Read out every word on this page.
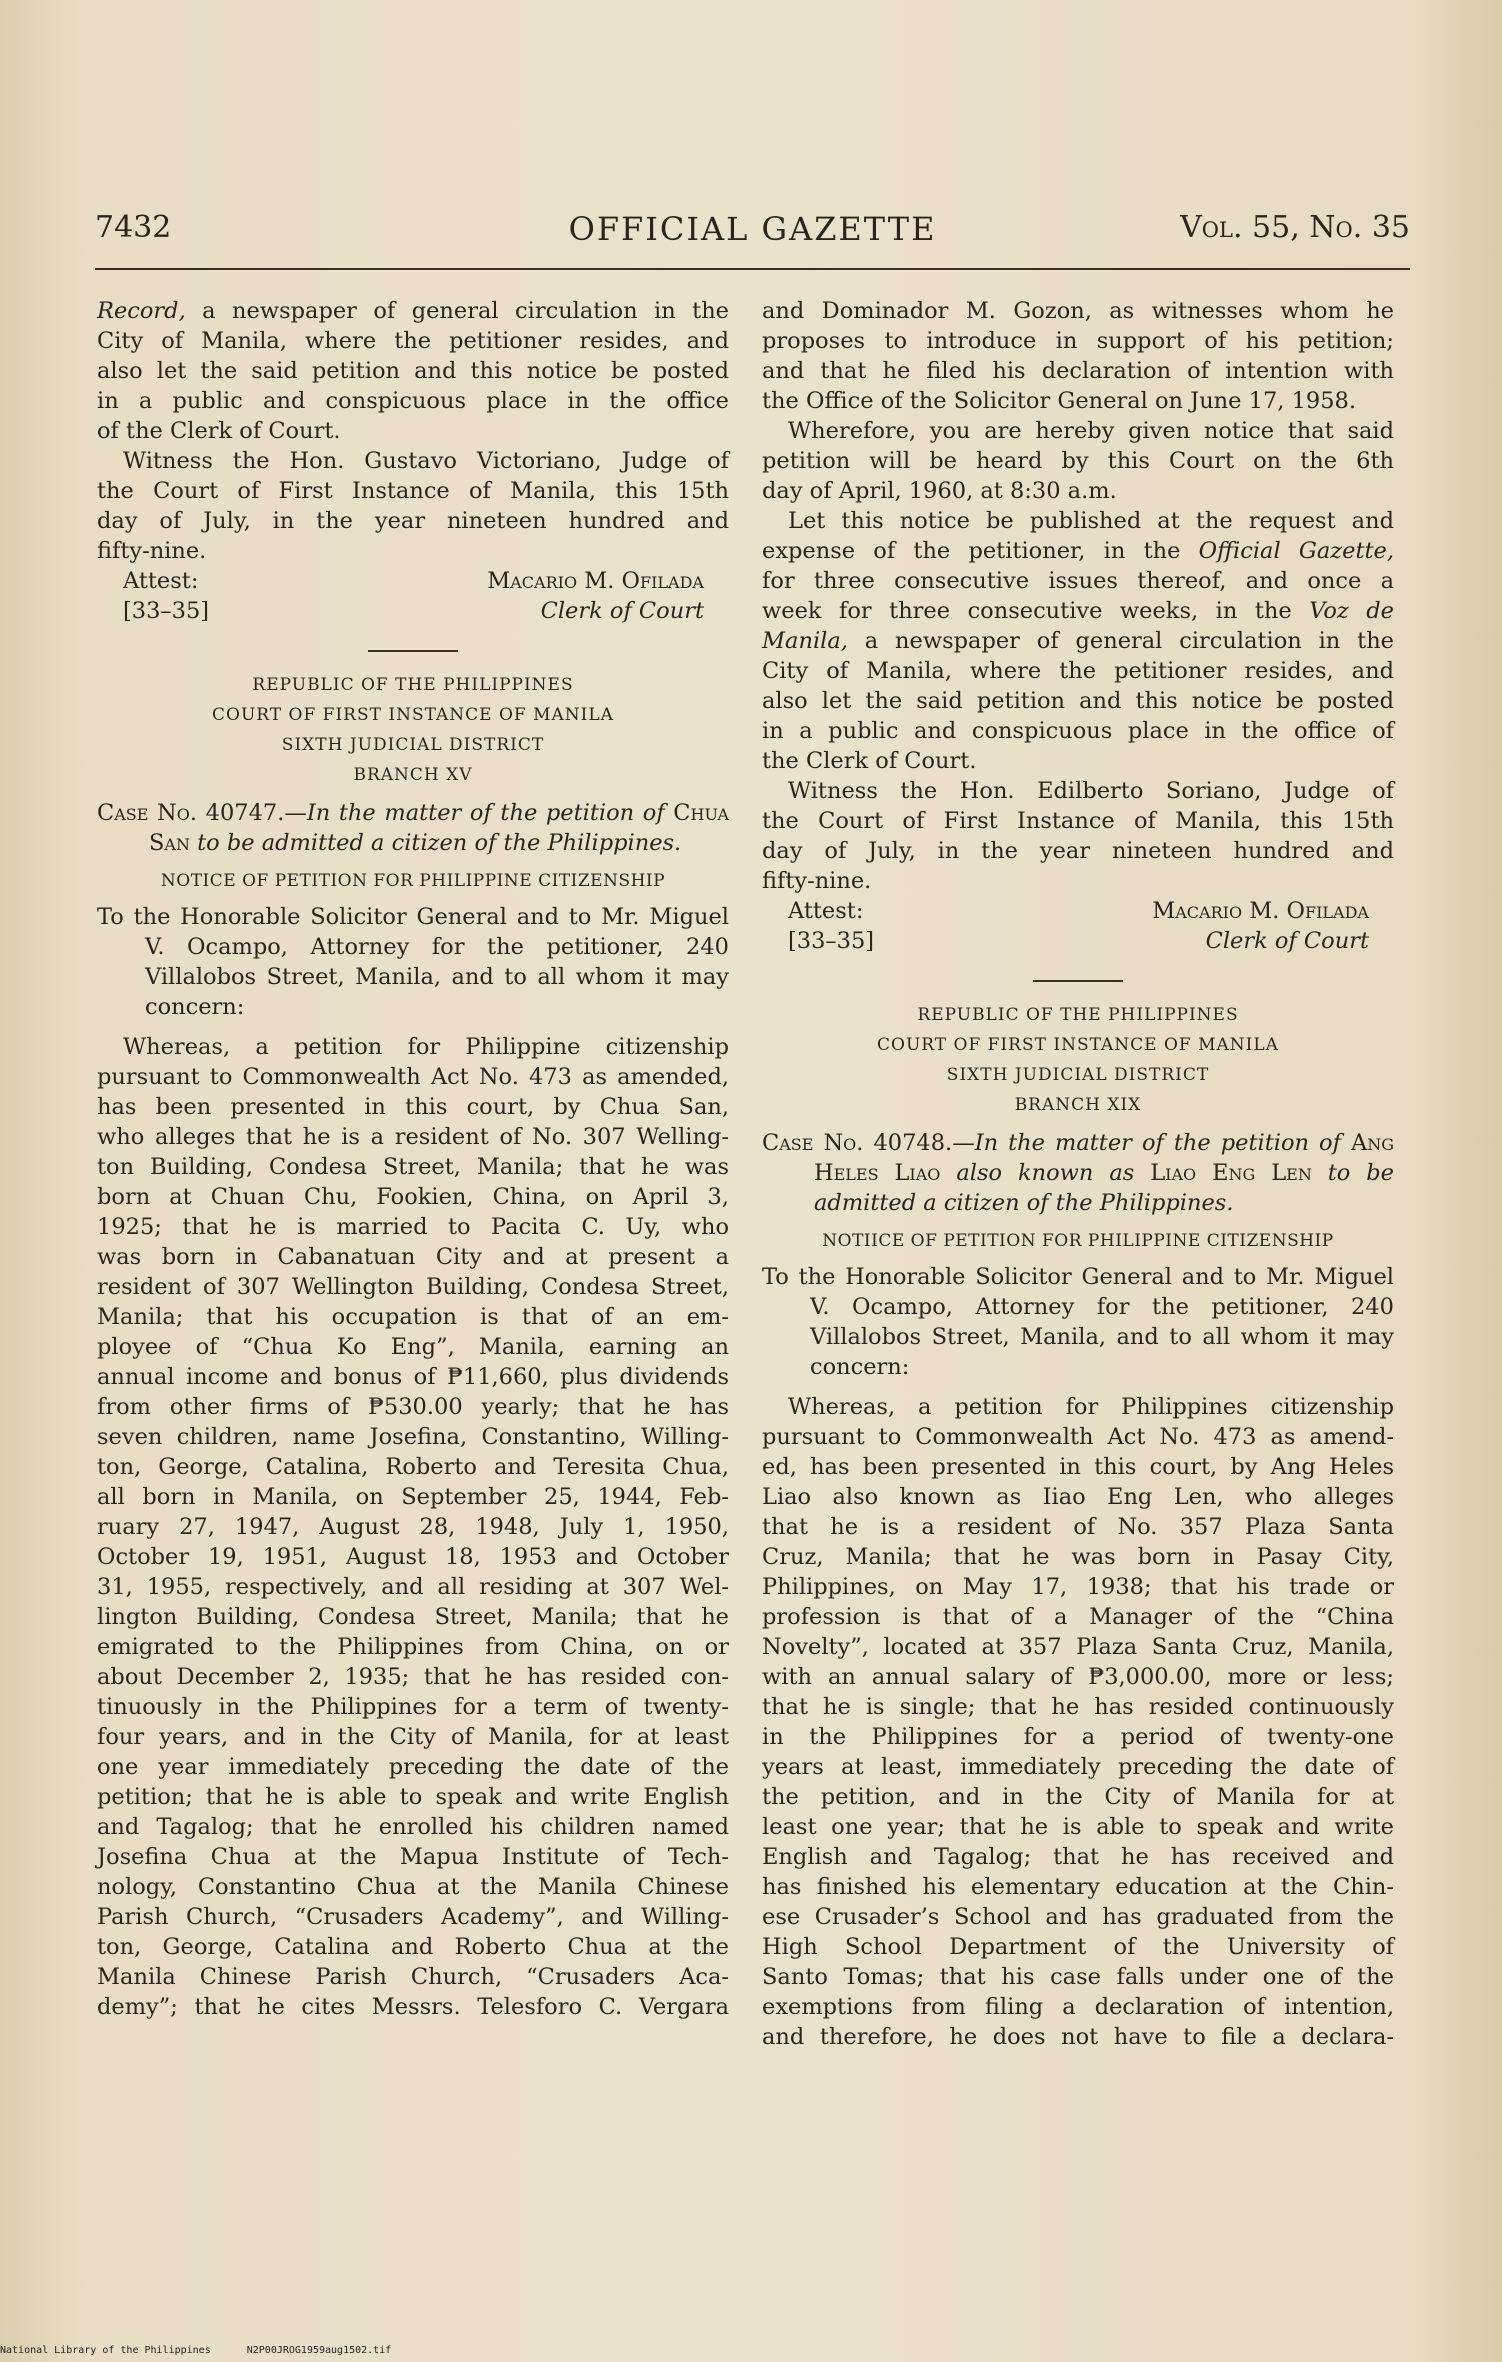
7432	OFFICIAL GAZETTE	Vol. 55, No. 35
Record, a newspaper of general circulation in the
City of Manila, where the petitioner resides, and
also let the said petition and this notice be posted
in a public and conspicuous place in the office

of the Clerk of Court.

Witness the Hon. Gustavo Victoriano, Judge of
the Court of First Instance of Manila, this 15th
day of July, in the year nineteen hundred and

fifty-nine.

Attest:
[33–35]
Macario M. Ofilada
Clerk of Court
REPUBLIC OF THE PHILIPPINES
COURT OF FIRST INSTANCE OF MANILA
SIXTH JUDICIAL DISTRICT
BRANCH XV

Case No. 40747.—In the matter of the petition of Chua San to be admitted a citizen of the Philippines.

NOTICE OF PETITION FOR PHILIPPINE CITIZENSHIP

To the Honorable Solicitor General and to Mr. Miguel V. Ocampo, Attorney for the petitioner, 240 Villalobos Street, Manila, and to all whom it may concern:

Whereas, a petition for Philippine citizenship
pursuant to Commonwealth Act No. 473 as amended,
has been presented in this court, by Chua San,
who alleges that he is a resident of No. 307 Welling-
ton Building, Condesa Street, Manila; that he was
born at Chuan Chu, Fookien, China, on April 3,
1925; that he is married to Pacita C. Uy, who
was born in Cabanatuan City and at present a
resident of 307 Wellington Building, Condesa Street,
Manila; that his occupation is that of an em-
ployee of “Chua Ko Eng”, Manila, earning an
annual income and bonus of ₱11,660, plus dividends
from other firms of ₱530.00 yearly; that he has
seven children, name Josefina, Constantino, Willing-
ton, George, Catalina, Roberto and Teresita Chua,
all born in Manila, on September 25, 1944, Feb-
ruary 27, 1947, August 28, 1948, July 1, 1950,
October 19, 1951, August 18, 1953 and October
31, 1955, respectively, and all residing at 307 Wel-
lington Building, Condesa Street, Manila; that he
emigrated to the Philippines from China, on or
about December 2, 1935; that he has resided con-
tinuously in the Philippines for a term of twenty-
four years, and in the City of Manila, for at least
one year immediately preceding the date of the
petition; that he is able to speak and write English
and Tagalog; that he enrolled his children named
Josefina Chua at the Mapua Institute of Tech-
nology, Constantino Chua at the Manila Chinese
Parish Church, “Crusaders Academy”, and Willing-
ton, George, Catalina and Roberto Chua at the
Manila Chinese Parish Church, “Crusaders Aca-
demy”; that he cites Messrs. Telesforo C. Vergara
and Dominador M. Gozon, as witnesses whom he
proposes to introduce in support of his petition;
and that he filed his declaration of intention with

the Office of the Solicitor General on June 17, 1958.

Wherefore, you are hereby given notice that said
petition will be heard by this Court on the 6th

day of April, 1960, at 8:30 a.m.

Let this notice be published at the request and
expense of the petitioner, in the Official Gazette,
for three consecutive issues thereof, and once a
week for three consecutive weeks, in the Voz de
Manila, a newspaper of general circulation in the
City of Manila, where the petitioner resides, and
also let the said petition and this notice be posted
in a public and conspicuous place in the office of

the Clerk of Court.

Witness the Hon. Edilberto Soriano, Judge of
the Court of First Instance of Manila, this 15th
day of July, in the year nineteen hundred and

fifty-nine.

Attest:
[33–35]
Macario M. Ofilada
Clerk of Court
REPUBLIC OF THE PHILIPPINES
COURT OF FIRST INSTANCE OF MANILA
SIXTH JUDICIAL DISTRICT
BRANCH XIX

Case No. 40748.—In the matter of the petition of Ang Heles Liao also known as Liao Eng Len to be admitted a citizen of the Philippines.

NOTIICE OF PETITION FOR PHILIPPINE CITIZENSHIP

To the Honorable Solicitor General and to Mr. Miguel V. Ocampo, Attorney for the petitioner, 240 Villalobos Street, Manila, and to all whom it may concern:

Whereas, a petition for Philippines citizenship
pursuant to Commonwealth Act No. 473 as amend-
ed, has been presented in this court, by Ang Heles
Liao also known as Iiao Eng Len, who alleges
that he is a resident of No. 357 Plaza Santa
Cruz, Manila; that he was born in Pasay City,
Philippines, on May 17, 1938; that his trade or
profession is that of a Manager of the “China
Novelty”, located at 357 Plaza Santa Cruz, Manila,
with an annual salary of ₱3,000.00, more or less;
that he is single; that he has resided continuously
in the Philippines for a period of twenty-one
years at least, immediately preceding the date of
the petition, and in the City of Manila for at
least one year; that he is able to speak and write
English and Tagalog; that he has received and
has finished his elementary education at the Chin-
ese Crusader’s School and has graduated from the
High School Department of the University of
Santo Tomas; that his case falls under one of the
exemptions from filing a declaration of intention,
and therefore, he does not have to file a declara-
National Library of the Philippines	N2P00JROG1959aug1502.tif
